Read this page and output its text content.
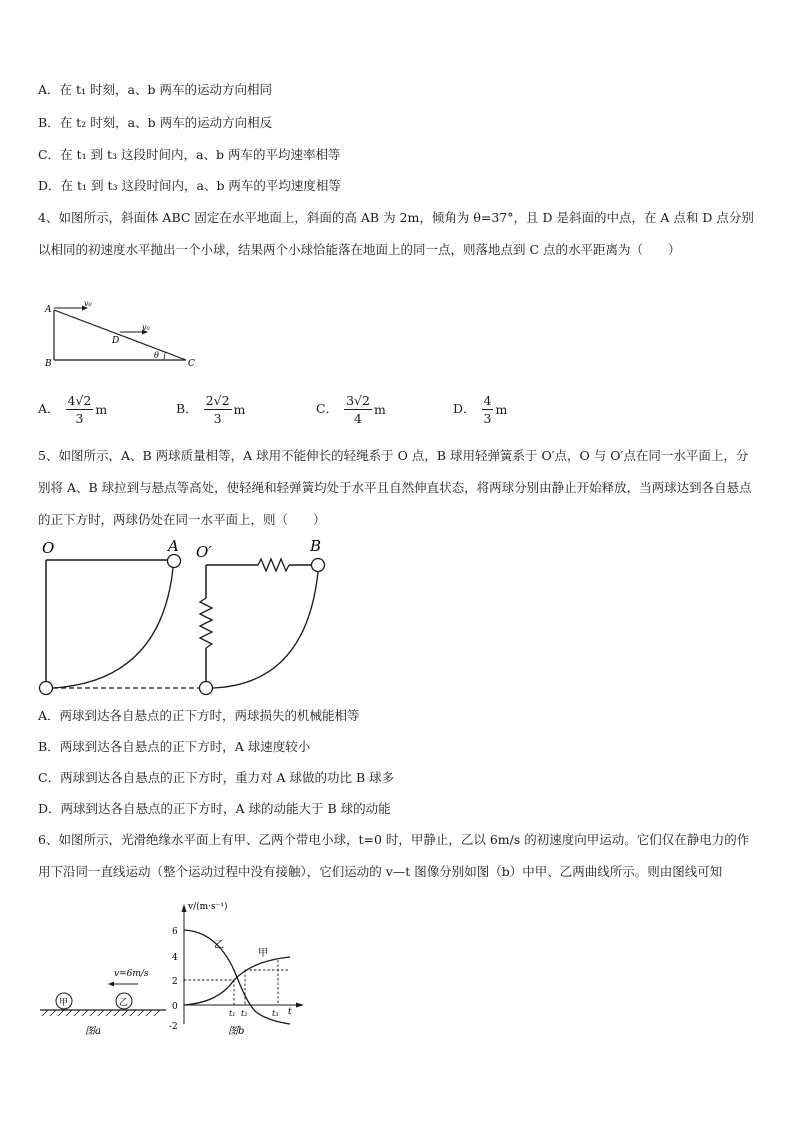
A．在 t₁ 时刻，a、b 两车的运动方向相同
B．在 t₂ 时刻，a、b 两车的运动方向相反
C．在 t₁ 到 t₃ 这段时间内，a、b 两车的平均速率相等
D．在 t₁ 到 t₃ 这段时间内，a、b 两车的平均速度相等
4、如图所示，斜面体 ABC 固定在水平地面上，斜面的高 AB 为 2m，倾角为 θ=37°，且 D 是斜面的中点，在 A 点和 D 点分别以相同的初速度水平抛出一个小球，结果两个小球恰能落在地面上的同一点，则落地点到 C 点的水平距离为（　　）
A
B	C
D
θ
v₀
v₀
A． $\frac{4√2}{3}$ m	B． $\frac{2√2}{3}$ m	C． $\frac{3√2}{4}$ m	D． $\frac{4}{3}$ m
5、如图所示，A、B 两球质量相等，A 球用不能伸长的轻绳系于 O 点，B 球用轻弹簧系于 O′点，O 与 O′点在同一水平面上，分别将 A、B 球拉到与悬点等高处，使轻绳和轻弹簧均处于水平且自然伸直状态，将两球分别由静止开始释放，当两球达到各自悬点的正下方时，两球仍处在同一水平面上，则（　　）
O	A O′	B
A．两球到达各自悬点的正下方时，两球损失的机械能相等
B．两球到达各自悬点的正下方时，A 球速度较小
C．两球到达各自悬点的正下方时，重力对 A 球做的功比 B 球多
D．两球到达各自悬点的正下方时，A 球的动能大于 B 球的动能
6、如图所示，光滑绝缘水平面上有甲、乙两个带电小球，t=0 时，甲静止，乙以 6m/s 的初速度向甲运动。它们仅在静电力的作用下沿同一直线运动（整个运动过程中没有接触），它们运动的 v—t 图像分别如图（b）中甲、乙两曲线所示。则由图线可知
甲	乙
图a
v=6m/s
6
4
2
0
-2
t₁ t₂	t₃ t
v/(m·s⁻¹)
乙
甲
图b
